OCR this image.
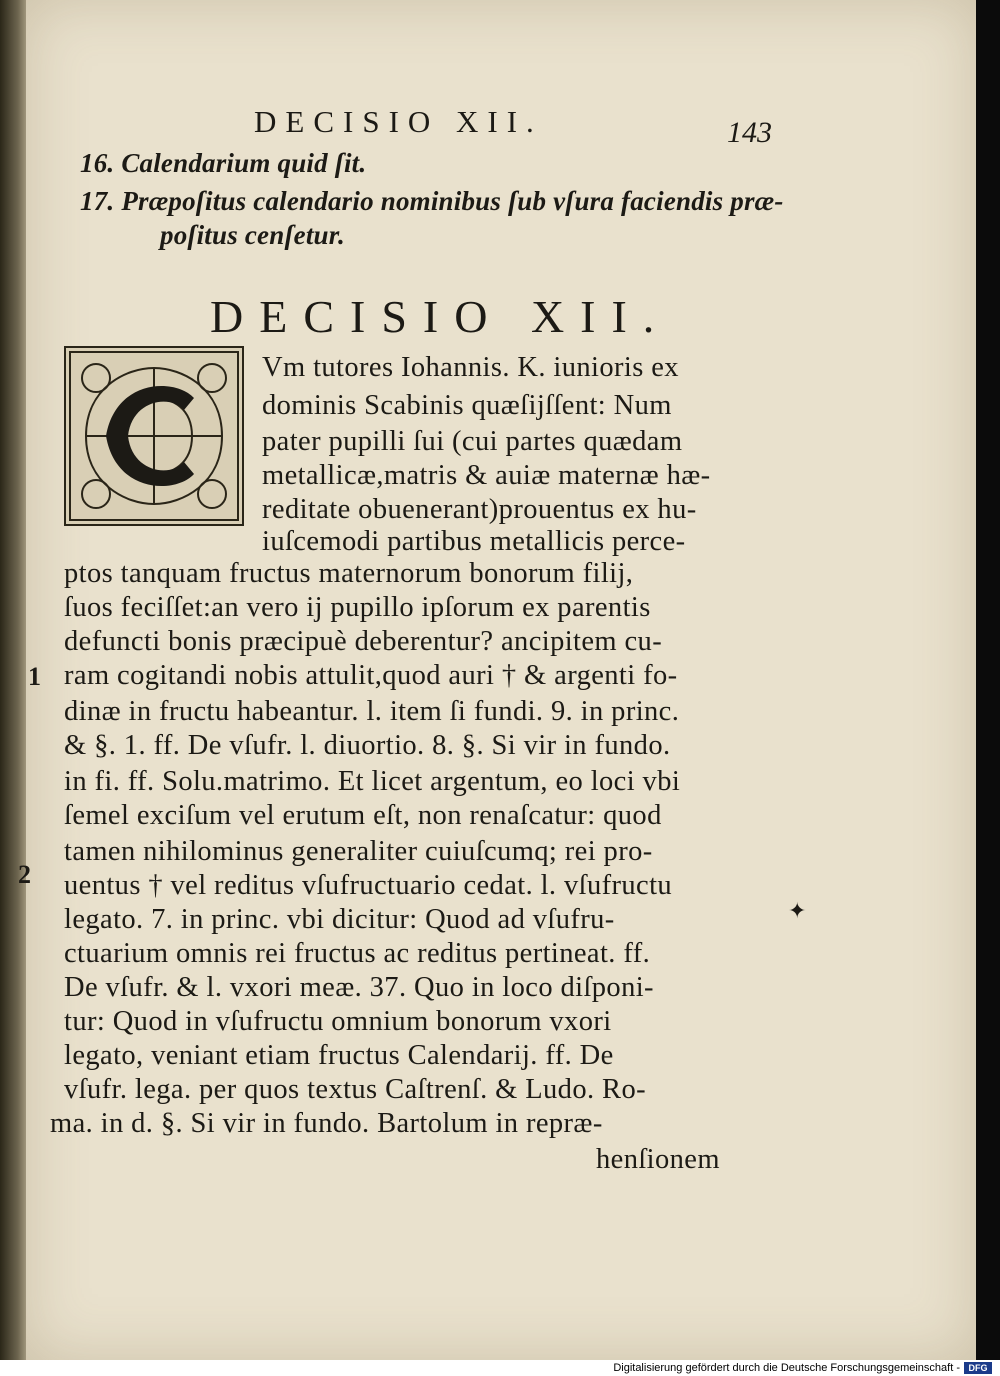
DECISIO XII.	143
16. Calendarium quid ſit.
17. Præpoſitus calendario nominibus ſub vſura faciendis præ-
poſitus cenſetur.
DECISIO XII.
Vm tutores Iohannis. K. iunioris ex
dominis Scabinis quæſijſſent: Num
pater pupilli ſui (cui partes quædam
metallicæ,matris & auiæ maternæ hæ-
reditate obuenerant)prouentus ex hu-
iuſcemodi partibus metallicis perce-
ptos tanquam fructus maternorum bonorum filij,
ſuos feciſſet:an vero ij pupillo ipſorum ex parentis
defuncti bonis præcipuè deberentur? ancipitem cu-
ram cogitandi nobis attulit,quod auri † & argenti fo-
dinæ in fructu habeantur. l. item ſi fundi. 9. in princ.
& §. 1. ff. De vſufr. l. diuortio. 8. §. Si vir in fundo.
in fi. ff. Solu.matrimo. Et licet argentum, eo loci vbi
ſemel exciſum vel erutum eſt, non renaſcatur: quod
tamen nihilominus generaliter cuiuſcumq; rei pro-
uentus † vel reditus vſufructuario cedat. l. vſufructu
legato. 7. in princ. vbi dicitur: Quod ad vſufru-
ctuarium omnis rei fructus ac reditus pertineat. ff.
De vſufr. & l. vxori meæ. 37. Quo in loco diſponi-
tur: Quod in vſufructu omnium bonorum vxori
legato, veniant etiam fructus Calendarij. ff. De
vſufr. lega. per quos textus Caſtrenſ. & Ludo. Ro-
ma. in d. §. Si vir in fundo. Bartolum in repræ-
henſionem
1
2
✦
Digitalisierung gefördert durch die Deutsche Forschungsgemeinschaft - DFG
